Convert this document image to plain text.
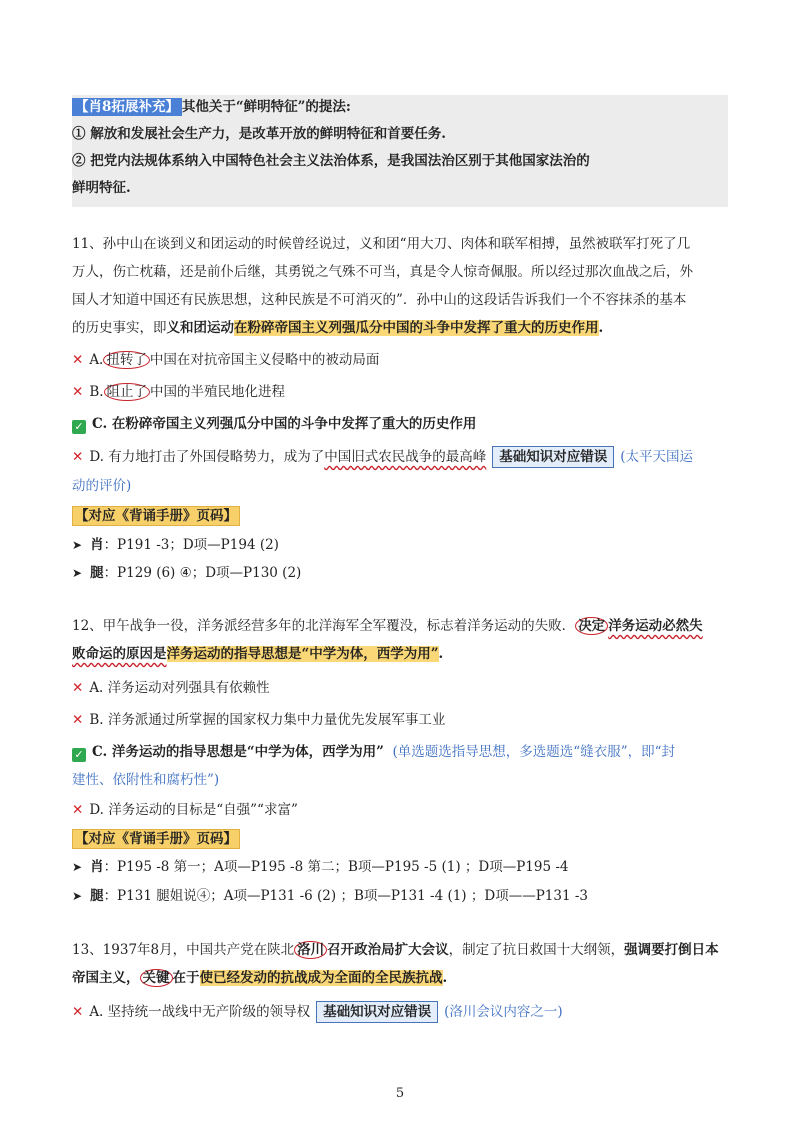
【肖8拓展补充】 其他关于“鲜明特征”的提法:
① 解放和发展社会生产力，是改革开放的鲜明特征和首要任务.
② 把党内法规体系纳入中国特色社会主义法治体系，是我国法治区别于其他国家法治的
鲜明特征.
11、孙中山在谈到义和团运动的时候曾经说过，义和团“用大刀、肉体和联军相搏，虽然被联军打死了几
万人，伤亡枕藉，还是前仆后继，其勇锐之气殊不可当，真是令人惊奇佩服。所以经过那次血战之后，外
国人才知道中国还有民族思想，这种民族是不可消灭的”．孙中山的这段话告诉我们一个不容抹杀的基本
的历史事实，即义和团运动在粉碎帝国主义列强瓜分中国的斗争中发挥了重大的历史作用.
✕ A. 扭转了 中国在对抗帝国主义侵略中的被动局面
✕ B. 阻止了 中国的半殖民地化进程
✓ C. 在粉碎帝国主义列强瓜分中国的斗争中发挥了重大的历史作用
✕ D. 有力地打击了外国侵略势力，成为了中国旧式农民战争的最高峰 基础知识对应错误 (太平天国运
动的评价)
【对应《背诵手册》页码】
➤ 肖：P191 -3；D项—P194 (2)
➤ 腿：P129 (6) ④；D项—P130 (2)
12、甲午战争一役，洋务派经营多年的北洋海军全军覆没，标志着洋务运动的失败． 决定 洋务运动必然失
败命运的原因是洋务运动的指导思想是“中学为体，西学为用”.
✕ A. 洋务运动对列强具有依赖性
✕ B. 洋务派通过所掌握的国家权力集中力量优先发展军事工业
✓ C. 洋务运动的指导思想是“中学为体，西学为用” (单选题选指导思想，多选题选“缝衣服”，即“封
建性、依附性和腐朽性”)
✕ D. 洋务运动的目标是“自强”“求富”
【对应《背诵手册》页码】
➤ 肖：P195 -8 第一；A项—P195 -8 第二；B项—P195 -5 (1) ；D项—P195 -4
➤ 腿：P131 腿姐说④；A项—P131 -6 (2) ；B项—P131 -4 (1) ；D项——P131 -3
13、1937年8月，中国共产党在陕北 洛川 召开政治局扩大会议，制定了抗日救国十大纲领，强调要打倒日本
帝国主义， 关键 在于使已经发动的抗战成为全面的全民族抗战.
✕ A. 坚持统一战线中无产阶级的领导权 基础知识对应错误 (洛川会议内容之一)
5
